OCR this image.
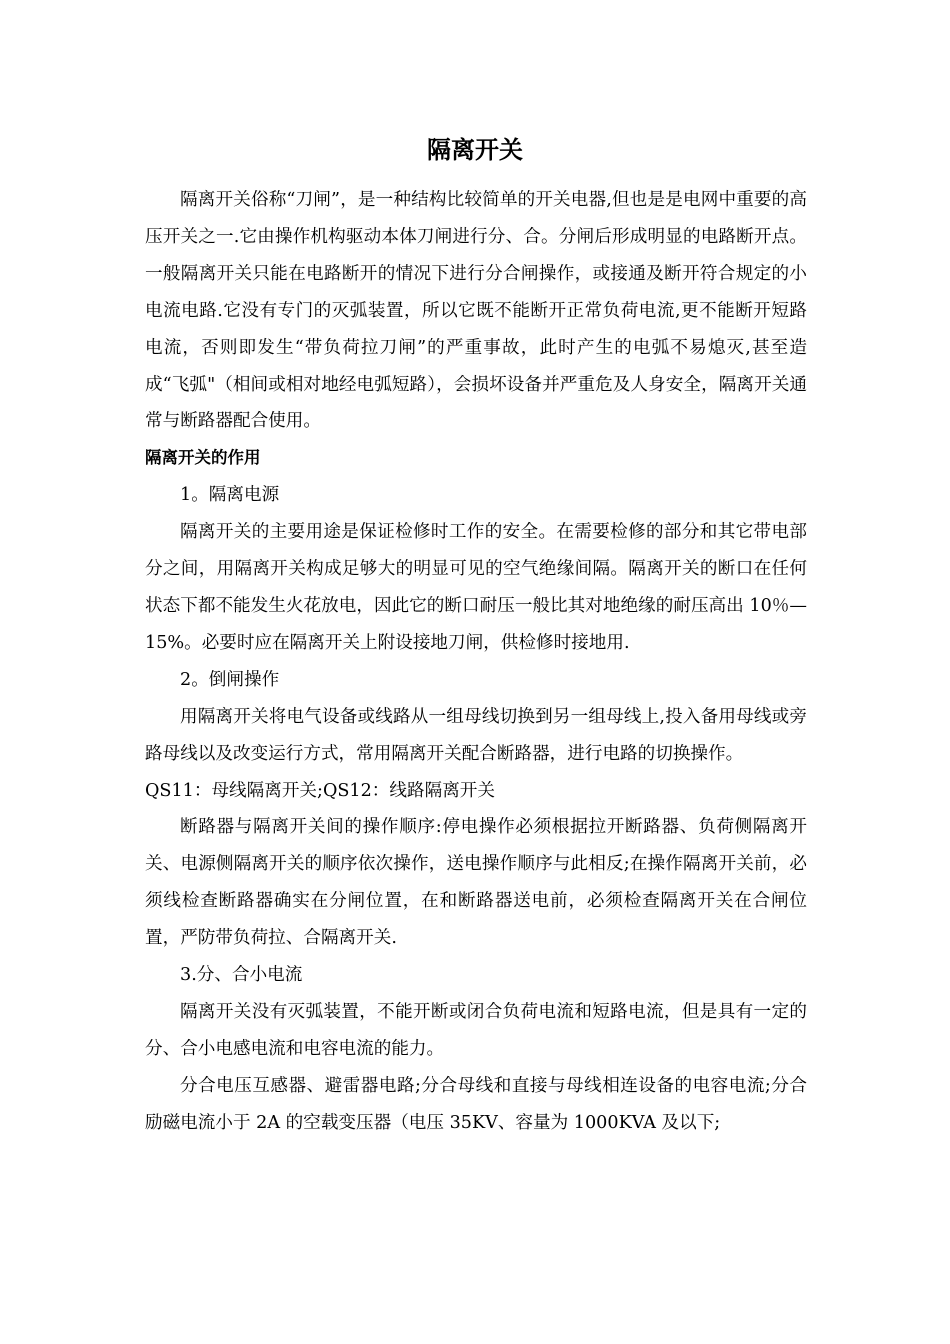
隔离开关

隔离开关俗称“刀闸”，是一种结构比较简单的开关电器,但也是是电网中重要的高压开关之一.它由操作机构驱动本体刀闸进行分、合。分闸后形成明显的电路断开点。一般隔离开关只能在电路断开的情况下进行分合闸操作，或接通及断开符合规定的小电流电路.它没有专门的灭弧装置，所以它既不能断开正常负荷电流,更不能断开短路电流，否则即发生“带负荷拉刀闸”的严重事故，此时产生的电弧不易熄灭,甚至造成“飞弧"（相间或相对地经电弧短路），会损坏设备并严重危及人身安全，隔离开关通常与断路器配合使用。

隔离开关的作用

1。隔离电源

隔离开关的主要用途是保证检修时工作的安全。在需要检修的部分和其它带电部分之间，用隔离开关构成足够大的明显可见的空气绝缘间隔。隔离开关的断口在任何状态下都不能发生火花放电，因此它的断口耐压一般比其对地绝缘的耐压高出 10％—15%。必要时应在隔离开关上附设接地刀闸，供检修时接地用.

2。倒闸操作

用隔离开关将电气设备或线路从一组母线切换到另一组母线上,投入备用母线或旁路母线以及改变运行方式，常用隔离开关配合断路器，进行电路的切换操作。

QS11：母线隔离开关;QS12：线路隔离开关

断路器与隔离开关间的操作顺序:停电操作必须根据拉开断路器、负荷侧隔离开关、电源侧隔离开关的顺序依次操作，送电操作顺序与此相反;在操作隔离开关前，必须线检查断路器确实在分闸位置，在和断路器送电前，必须检查隔离开关在合闸位置，严防带负荷拉、合隔离开关.

3.分、合小电流

隔离开关没有灭弧装置，不能开断或闭合负荷电流和短路电流，但是具有一定的分、合小电感电流和电容电流的能力。

分合电压互感器、避雷器电路;分合母线和直接与母线相连设备的电容电流;分合励磁电流小于 2A 的空载变压器（电压 35KV、容量为 1000KVA 及以下;
